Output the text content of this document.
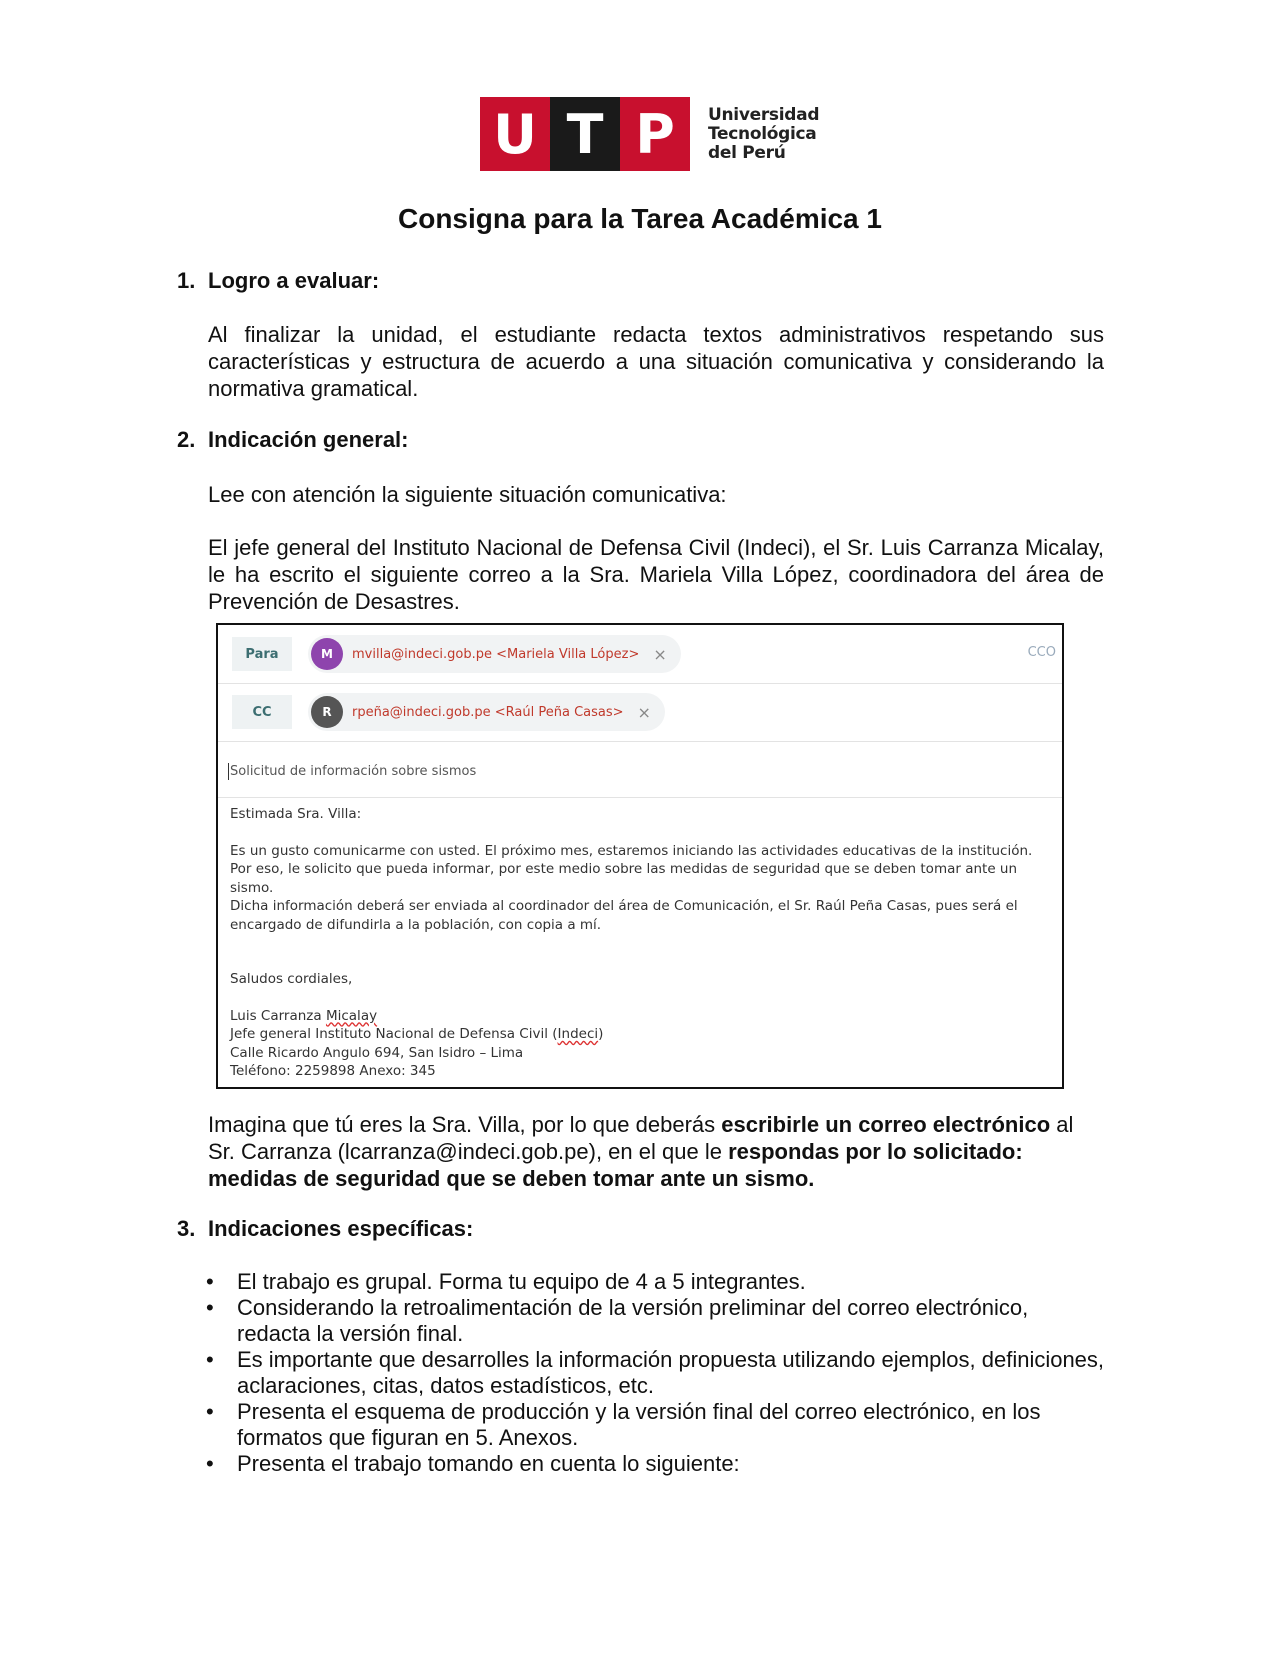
U T P	Universidad
Tecnológica
del Perú
Consigna para la Tarea Académica 1
1. Logro a evaluar:
Al finalizar la unidad, el estudiante redacta textos administrativos respetando sus características y estructura de acuerdo a una situación comunicativa y considerando la normativa gramatical.
2. Indicación general:
Lee con atención la siguiente situación comunicativa:
El jefe general del Instituto Nacional de Defensa Civil (Indeci), el Sr. Luis Carranza Micalay, le ha escrito el siguiente correo a la Sra. Mariela Villa López, coordinadora del área de Prevención de Desastres.
Para	M	mvilla@indeci.gob.pe <Mariela Villa López> ×	CCO
CC	R	rpeña@indeci.gob.pe <Raúl Peña Casas> ×
Solicitud de información sobre sismos

Estimada Sra. Villa:

Es un gusto comunicarme con usted. El próximo mes, estaremos iniciando las actividades educativas de la institución. Por eso, le solicito que pueda informar, por este medio sobre las medidas de seguridad que se deben tomar ante un sismo.

Dicha información deberá ser enviada al coordinador del área de Comunicación, el Sr. Raúl Peña Casas, pues será el encargado de difundirla a la población, con copia a mí.

Saludos cordiales,

Luis Carranza Micalay

Jefe general Instituto Nacional de Defensa Civil (Indeci)

Calle Ricardo Angulo 694, San Isidro – Lima

Teléfono: 2259898 Anexo: 345

Imagina que tú eres la Sra. Villa, por lo que deberás escribirle un correo electrónico al Sr. Carranza (lcarranza@indeci.gob.pe), en el que le respondas por lo solicitado: medidas de seguridad que se deben tomar ante un sismo.
3. Indicaciones específicas:
• El trabajo es grupal. Forma tu equipo de 4 a 5 integrantes.
• Considerando la retroalimentación de la versión preliminar del correo electrónico, redacta la versión final.
• Es importante que desarrolles la información propuesta utilizando ejemplos, definiciones, aclaraciones, citas, datos estadísticos, etc.
• Presenta el esquema de producción y la versión final del correo electrónico, en los formatos que figuran en 5. Anexos.
• Presenta el trabajo tomando en cuenta lo siguiente:
